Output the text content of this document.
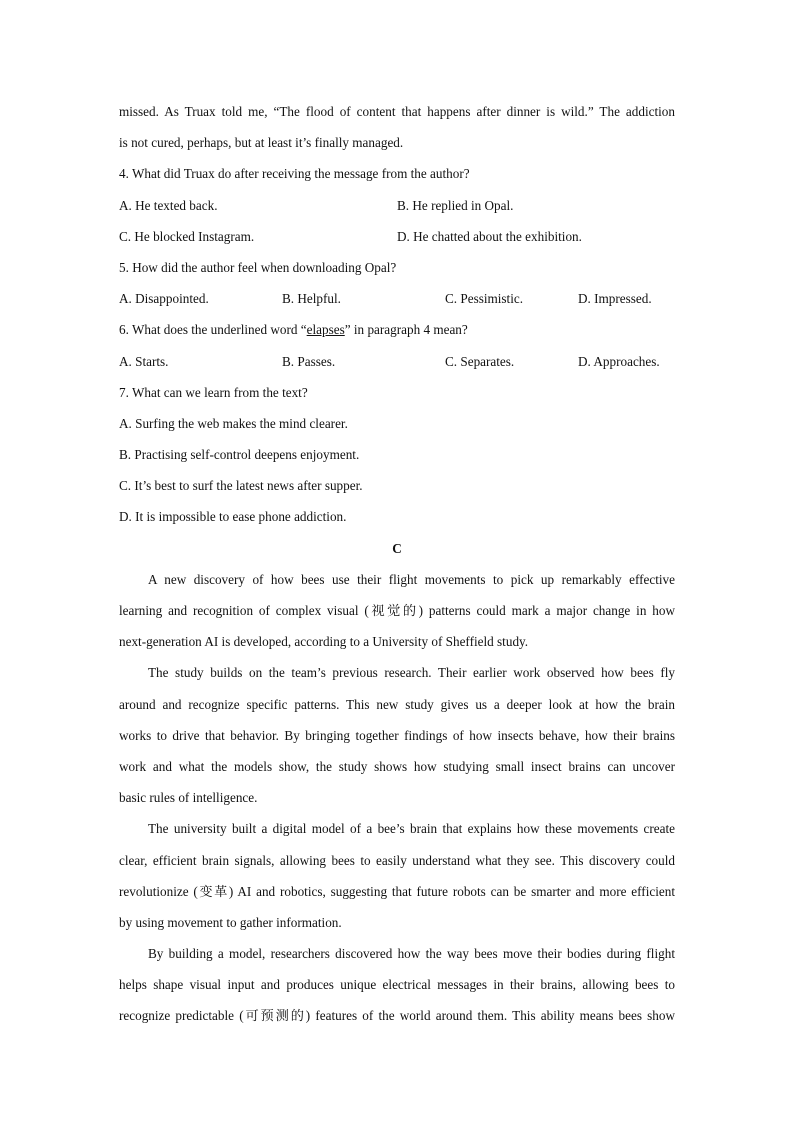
missed. As Truax told me, “The flood of content that happens after dinner is wild.” The addiction
is not cured, perhaps, but at least it’s finally managed.
4. What did Truax do after receiving the message from the author?
A. He texted back.	B. He replied in Opal.
C. He blocked Instagram.	D. He chatted about the exhibition.
5. How did the author feel when downloading Opal?
A. Disappointed.	B. Helpful.	C. Pessimistic.	D. Impressed.
6. What does the underlined word “elapses” in paragraph 4 mean?
A. Starts.	B. Passes.	C. Separates.	D. Approaches.
7. What can we learn from the text?
A. Surfing the web makes the mind clearer.
B. Practising self-control deepens enjoyment.
C. It’s best to surf the latest news after supper.
D. It is impossible to ease phone addiction.
C
A new discovery of how bees use their flight movements to pick up remarkably effective
learning and recognition of complex visual (视觉的) patterns could mark a major change in how
next-generation AI is developed, according to a University of Sheffield study.
The study builds on the team’s previous research. Their earlier work observed how bees fly
around and recognize specific patterns. This new study gives us a deeper look at how the brain
works to drive that behavior. By bringing together findings of how insects behave, how their brains
work and what the models show, the study shows how studying small insect brains can uncover
basic rules of intelligence.
The university built a digital model of a bee’s brain that explains how these movements create
clear, efficient brain signals, allowing bees to easily understand what they see. This discovery could
revolutionize (变革) AI and robotics, suggesting that future robots can be smarter and more efficient
by using movement to gather information.
By building a model, researchers discovered how the way bees move their bodies during flight
helps shape visual input and produces unique electrical messages in their brains, allowing bees to
recognize predictable (可预测的) features of the world around them. This ability means bees show
